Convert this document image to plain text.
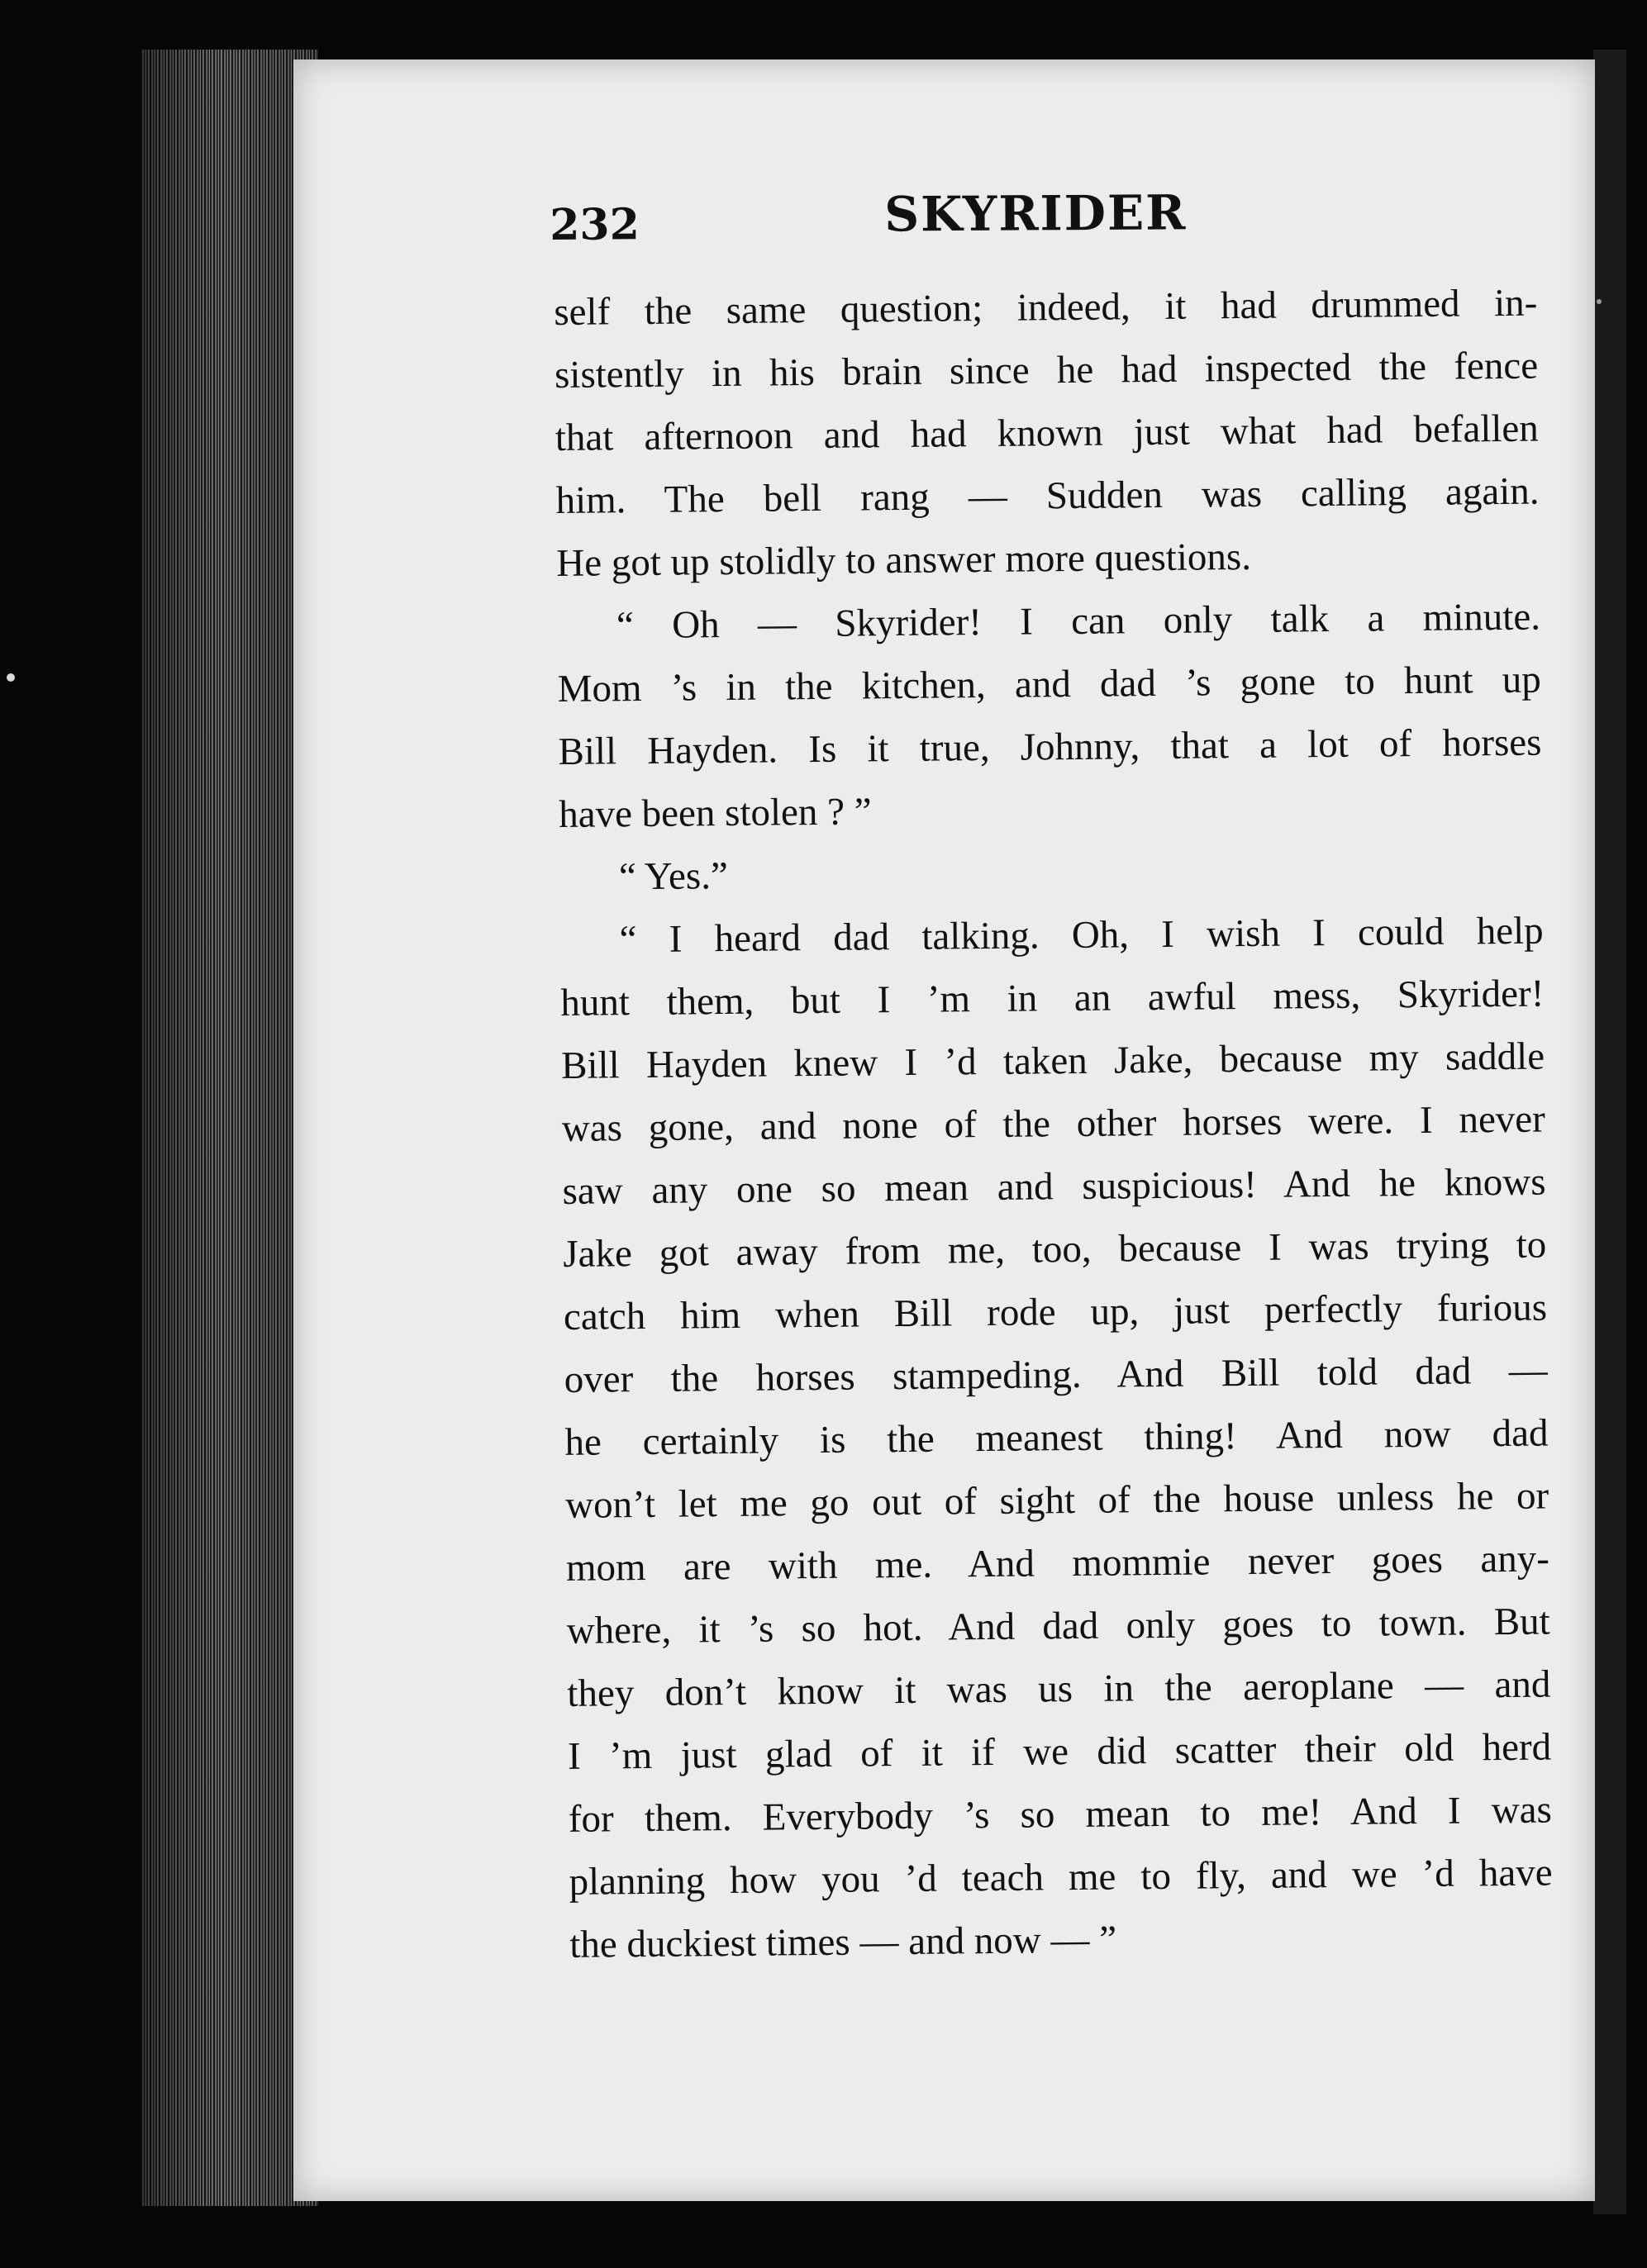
232	SKYRIDER
self the same question; indeed, it had drummed in-
sistently in his brain since he had inspected the fence
that afternoon and had known just what had befallen
him. The bell rang — Sudden was calling again.
He got up stolidly to answer more questions.
“ Oh — Skyrider! I can only talk a minute.
Mom ’s in the kitchen, and dad ’s gone to hunt up
Bill Hayden. Is it true, Johnny, that a lot of horses
have been stolen ? ”
“ Yes.”
“ I heard dad talking. Oh, I wish I could help
hunt them, but I ’m in an awful mess, Skyrider!
Bill Hayden knew I ’d taken Jake, because my saddle
was gone, and none of the other horses were. I never
saw any one so mean and suspicious! And he knows
Jake got away from me, too, because I was trying to
catch him when Bill rode up, just perfectly furious
over the horses stampeding. And Bill told dad —
he certainly is the meanest thing! And now dad
won’t let me go out of sight of the house unless he or
mom are with me. And mommie never goes any-
where, it ’s so hot. And dad only goes to town. But
they don’t know it was us in the aeroplane — and
I ’m just glad of it if we did scatter their old herd
for them. Everybody ’s so mean to me! And I was
planning how you ’d teach me to fly, and we ’d have
the duckiest times — and now — ”
